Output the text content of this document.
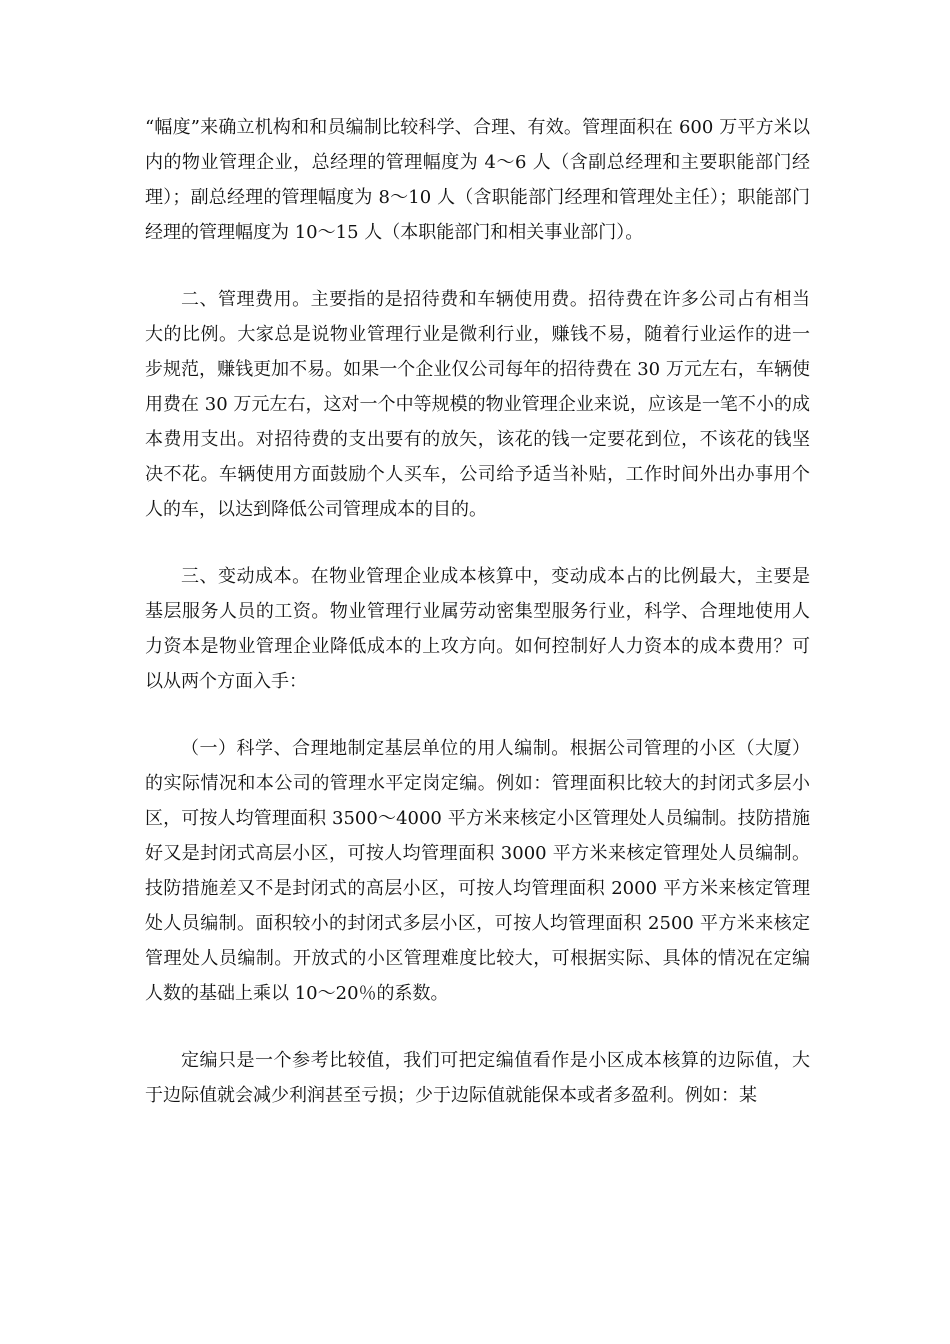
“幅度”来确立机构和和员编制比较科学、合理、有效。管理面积在 600 万平方米以内的物业管理企业，总经理的管理幅度为 4～6 人（含副总经理和主要职能部门经理）；副总经理的管理幅度为 8～10 人（含职能部门经理和管理处主任）；职能部门经理的管理幅度为 10～15 人（本职能部门和相关事业部门）。

二、管理费用。主要指的是招待费和车辆使用费。招待费在许多公司占有相当大的比例。大家总是说物业管理行业是微利行业，赚钱不易，随着行业运作的进一步规范，赚钱更加不易。如果一个企业仅公司每年的招待费在 30 万元左右，车辆使用费在 30 万元左右，这对一个中等规模的物业管理企业来说，应该是一笔不小的成本费用支出。对招待费的支出要有的放矢，该花的钱一定要花到位，不该花的钱坚决不花。车辆使用方面鼓励个人买车，公司给予适当补贴，工作时间外出办事用个人的车，以达到降低公司管理成本的目的。

三、变动成本。在物业管理企业成本核算中，变动成本占的比例最大，主要是基层服务人员的工资。物业管理行业属劳动密集型服务行业，科学、合理地使用人力资本是物业管理企业降低成本的上攻方向。如何控制好人力资本的成本费用？可以从两个方面入手：

（一）科学、合理地制定基层单位的用人编制。根据公司管理的小区（大厦）的实际情况和本公司的管理水平定岗定编。例如：管理面积比较大的封闭式多层小区，可按人均管理面积 3500～4000 平方米来核定小区管理处人员编制。技防措施好又是封闭式高层小区，可按人均管理面积 3000 平方米来核定管理处人员编制。技防措施差又不是封闭式的高层小区，可按人均管理面积 2000 平方米来核定管理处人员编制。面积较小的封闭式多层小区，可按人均管理面积 2500 平方米来核定管理处人员编制。开放式的小区管理难度比较大，可根据实际、具体的情况在定编人数的基础上乘以 10～20％的系数。

定编只是一个参考比较值，我们可把定编值看作是小区成本核算的边际值，大于边际值就会减少利润甚至亏损；少于边际值就能保本或者多盈利。例如：某
